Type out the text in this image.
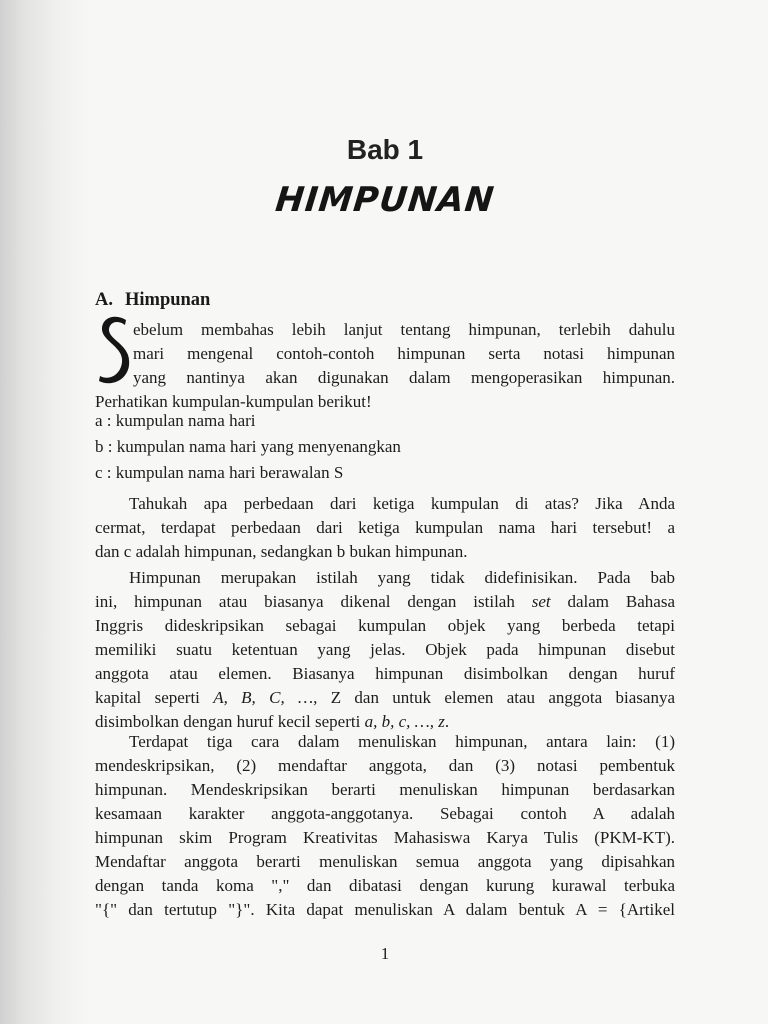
Bab 1
HIMPUNAN
A. Himpunan
ebelum membahas lebih lanjut tentang himpunan, terlebih dahulu
mari mengenal contoh-contoh himpunan serta notasi himpunan
yang nantinya akan digunakan dalam mengoperasikan himpunan.
Perhatikan kumpulan-kumpulan berikut!
a : kumpulan nama hari
b : kumpulan nama hari yang menyenangkan
c : kumpulan nama hari berawalan S
Tahukah apa perbedaan dari ketiga kumpulan di atas? Jika Anda
cermat, terdapat perbedaan dari ketiga kumpulan nama hari tersebut! a
dan c adalah himpunan, sedangkan b bukan himpunan.
Himpunan merupakan istilah yang tidak didefinisikan. Pada bab
ini, himpunan atau biasanya dikenal dengan istilah set dalam Bahasa
Inggris dideskripsikan sebagai kumpulan objek yang berbeda tetapi
memiliki suatu ketentuan yang jelas. Objek pada himpunan disebut
anggota atau elemen. Biasanya himpunan disimbolkan dengan huruf
kapital seperti A, B, C, …, Z dan untuk elemen atau anggota biasanya
disimbolkan dengan huruf kecil seperti a, b, c, …, z.
Terdapat tiga cara dalam menuliskan himpunan, antara lain: (1)
mendeskripsikan, (2) mendaftar anggota, dan (3) notasi pembentuk
himpunan. Mendeskripsikan berarti menuliskan himpunan berdasarkan
kesamaan karakter anggota-anggotanya. Sebagai contoh A adalah
himpunan skim Program Kreativitas Mahasiswa Karya Tulis (PKM-KT).
Mendaftar anggota berarti menuliskan semua anggota yang dipisahkan
dengan tanda koma "," dan dibatasi dengan kurung kurawal terbuka
"{" dan tertutup "}". Kita dapat menuliskan A dalam bentuk A = {Artikel
1
